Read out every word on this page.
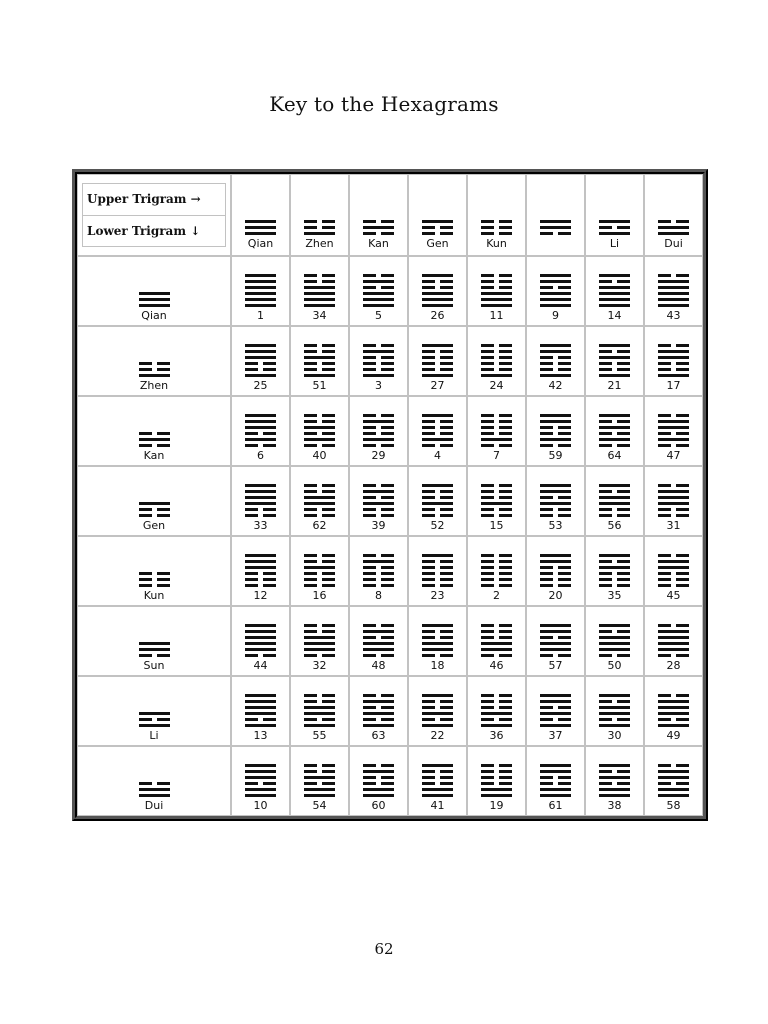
Key to the Hexagrams
Upper Trigram →
Lower Trigram ↓	Qian	Zhen	Kan	Gen	Kun		Li	Dui

Qian	1	34	5	26	11	9	14	43

Zhen	25	51	3	27	24	42	21	17

Kan	6	40	29	4	7	59	64	47

Gen	33	62	39	52	15	53	56	31

Kun	12	16	8	23	2	20	35	45

Sun	44	32	48	18	46	57	50	28

Li	13	55	63	22	36	37	30	49

Dui	10	54	60	41	19	61	38	58
62
